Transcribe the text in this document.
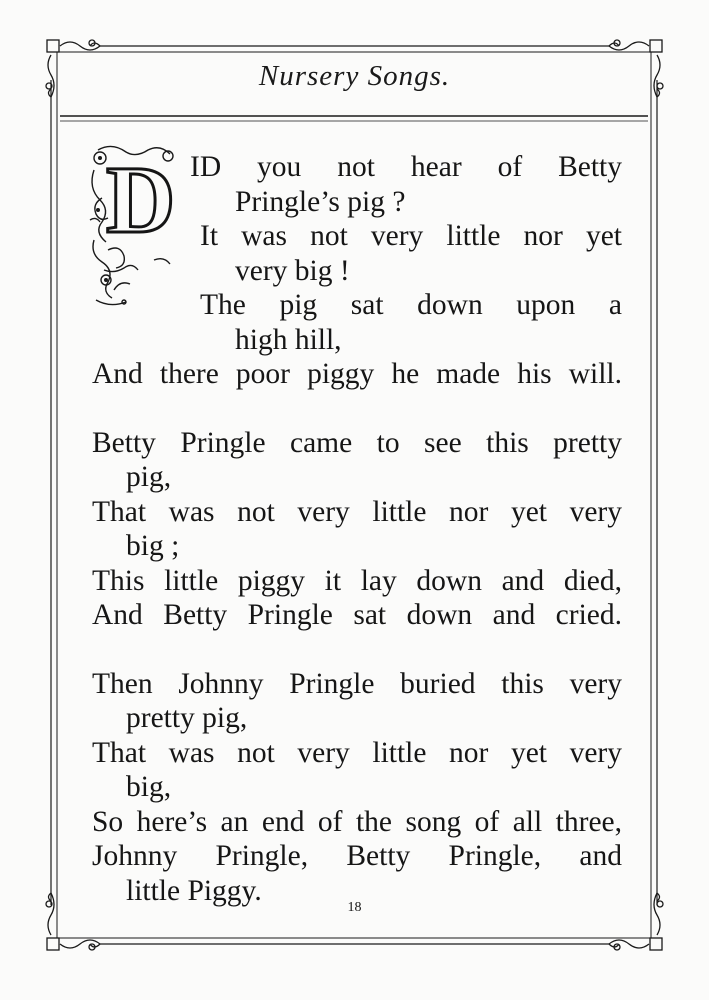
Nursery Songs.
D ID you not hear of Betty
Pringle’s pig ?
It was not very little nor yet
very big !
The pig sat down upon a
high hill,
And there poor piggy he made his will.
Betty Pringle came to see this pretty
pig,
That was not very little nor yet very
big ;
This little piggy it lay down and died,
And Betty Pringle sat down and cried.
Then Johnny Pringle buried this very
pretty pig,
That was not very little nor yet very
big,
So here’s an end of the song of all three,
Johnny Pringle, Betty Pringle, and
little Piggy.
18
